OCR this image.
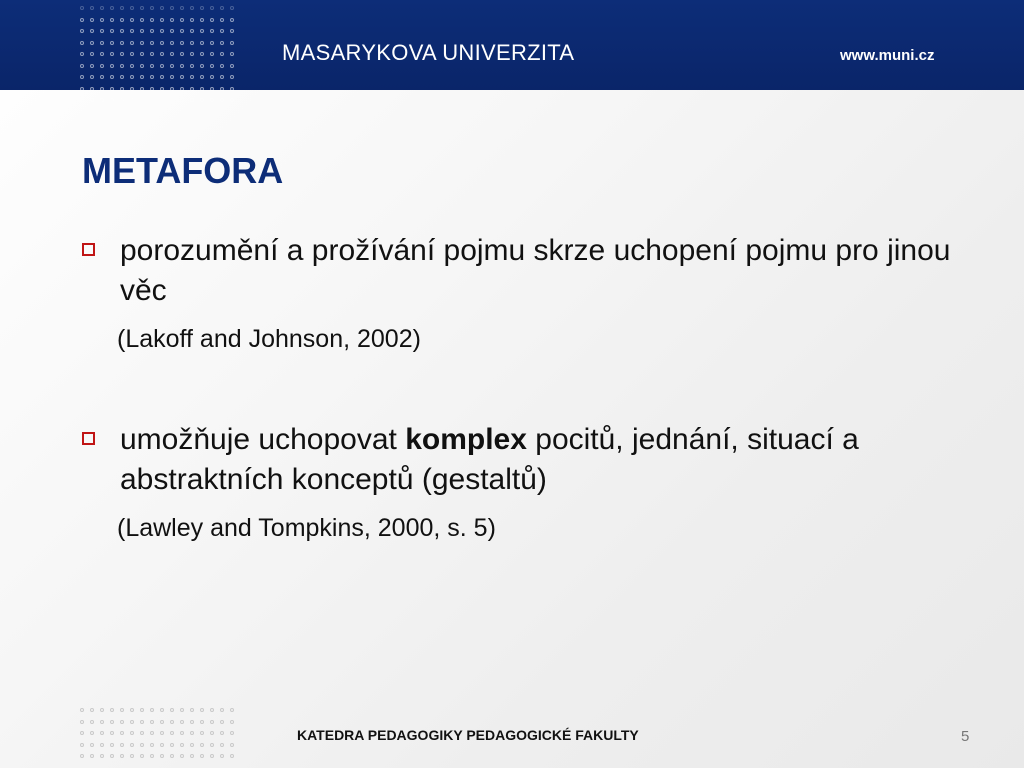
MASARYKOVA UNIVERZITA	www.muni.cz
METAFORA
porozumění a prožívání pojmu skrze uchopení pojmu pro jinou věc
(Lakoff and Johnson, 2002)
umožňuje uchopovat komplex pocitů, jednání, situací a abstraktních konceptů (gestaltů)
(Lawley and Tompkins, 2000, s. 5)
KATEDRA PEDAGOGIKY PEDAGOGICKÉ FAKULTY	5
